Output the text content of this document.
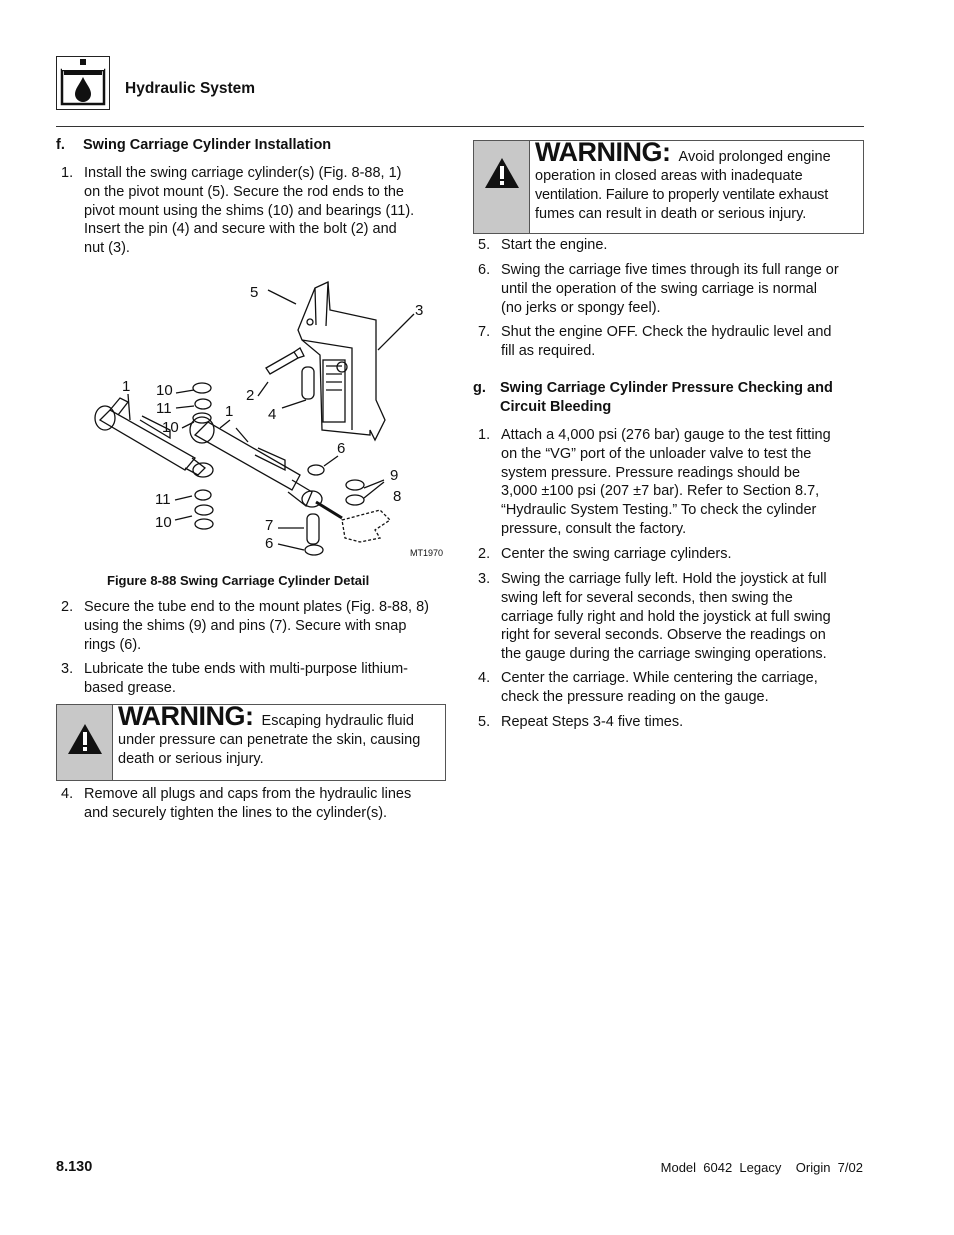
Hydraulic System
f. Swing Carriage Cylinder Installation
1. Install the swing carriage cylinder(s) (Fig. 8-88, 1)
on the pivot mount (5). Secure the rod ends to the
pivot mount using the shims (10) and bearings (11).
Insert the pin (4) and secure with the bolt (2) and
nut (3).
5
3
1 10
11
10
2
1 4
6
9
8
11
10	7
6
MT1970
Figure 8-88 Swing Carriage Cylinder Detail
2. Secure the tube end to the mount plates (Fig. 8-88, 8)
using the shims (9) and pins (7). Secure with snap
rings (6).
3. Lubricate the tube ends with multi-purpose lithium-
based grease.
WARNING: Escaping hydraulic fluid
under pressure can penetrate the skin, causing
death or serious injury.
4. Remove all plugs and caps from the hydraulic lines
and securely tighten the lines to the cylinder(s).
WARNING: Avoid prolonged engine
operation in closed areas with inadequate
ventilation. Failure to properly ventilate exhaust
fumes can result in death or serious injury.
5. Start the engine.
6. Swing the carriage five times through its full range or
until the operation of the swing carriage is normal
(no jerks or spongy feel).
7. Shut the engine OFF. Check the hydraulic level and
fill as required.
g. Swing Carriage Cylinder Pressure Checking and
Circuit Bleeding
1. Attach a 4,000 psi (276 bar) gauge to the test fitting
on the “VG” port of the unloader valve to test the
system pressure. Pressure readings should be
3,000 ±100 psi (207 ±7 bar). Refer to Section 8.7,
“Hydraulic System Testing.” To check the cylinder
pressure, consult the factory.
2. Center the swing carriage cylinders.
3. Swing the carriage fully left. Hold the joystick at full
swing left for several seconds, then swing the
carriage fully right and hold the joystick at full swing
right for several seconds. Observe the readings on
the gauge during the carriage swinging operations.
4. Center the carriage. While centering the carriage,
check the pressure reading on the gauge.
5. Repeat Steps 3-4 five times.
8.130	Model  6042  Legacy    Origin  7/02
